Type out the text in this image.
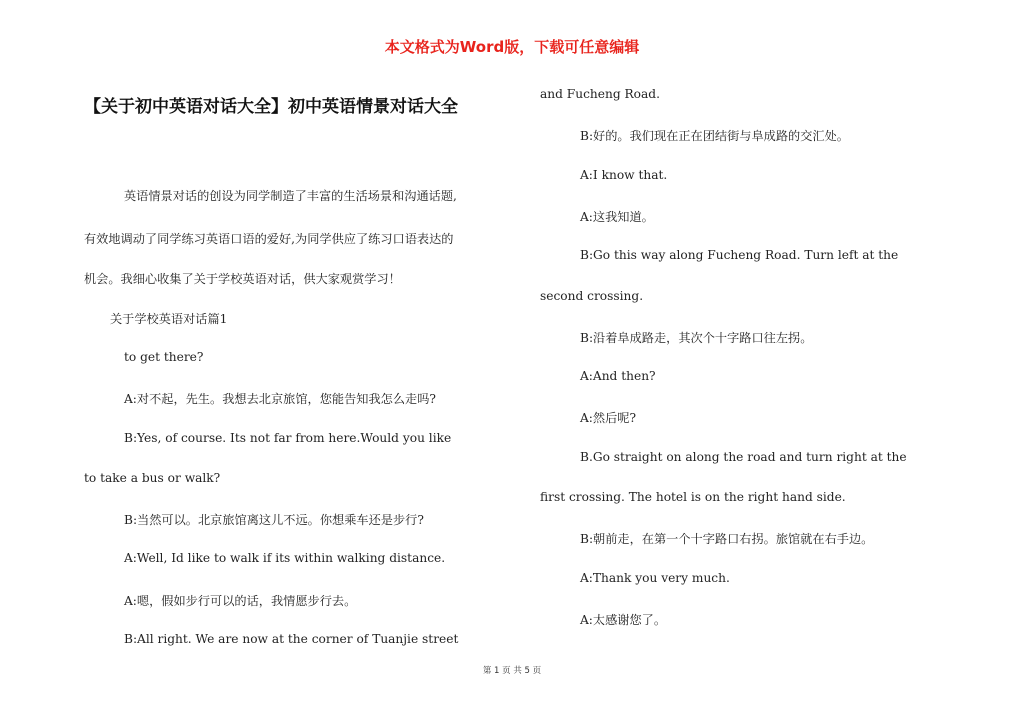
本文格式为Word版，下载可任意编辑
【关于初中英语对话大全】初中英语情景对话大全

英语情景对话的创设为同学制造了丰富的生活场景和沟通话题,

有效地调动了同学练习英语口语的爱好,为同学供应了练习口语表达的

机会。我细心收集了关于学校英语对话，供大家观赏学习！

关于学校英语对话篇1

to get there?

A:对不起，先生。我想去北京旅馆，您能告知我怎么走吗?

B:Yes, of course. Its not far from here.Would you like

to take a bus or walk?

B:当然可以。北京旅馆离这儿不远。你想乘车还是步行?

A:Well, Id like to walk if its within walking distance.

A:嗯，假如步行可以的话，我情愿步行去。

B:All right. We are now at the corner of Tuanjie street

and Fucheng Road.

B:好的。我们现在正在团结街与阜成路的交汇处。

A:I know that.

A:这我知道。

B:Go this way along Fucheng Road. Turn left at the

second crossing.

B:沿着阜成路走，其次个十字路口往左拐。

A:And then?

A:然后呢?

B.Go straight on along the road and turn right at the

first crossing. The hotel is on the right hand side.

B:朝前走，在第一个十字路口右拐。旅馆就在右手边。

A:Thank you very much.

A:太感谢您了。

第 1 页 共 5 页
